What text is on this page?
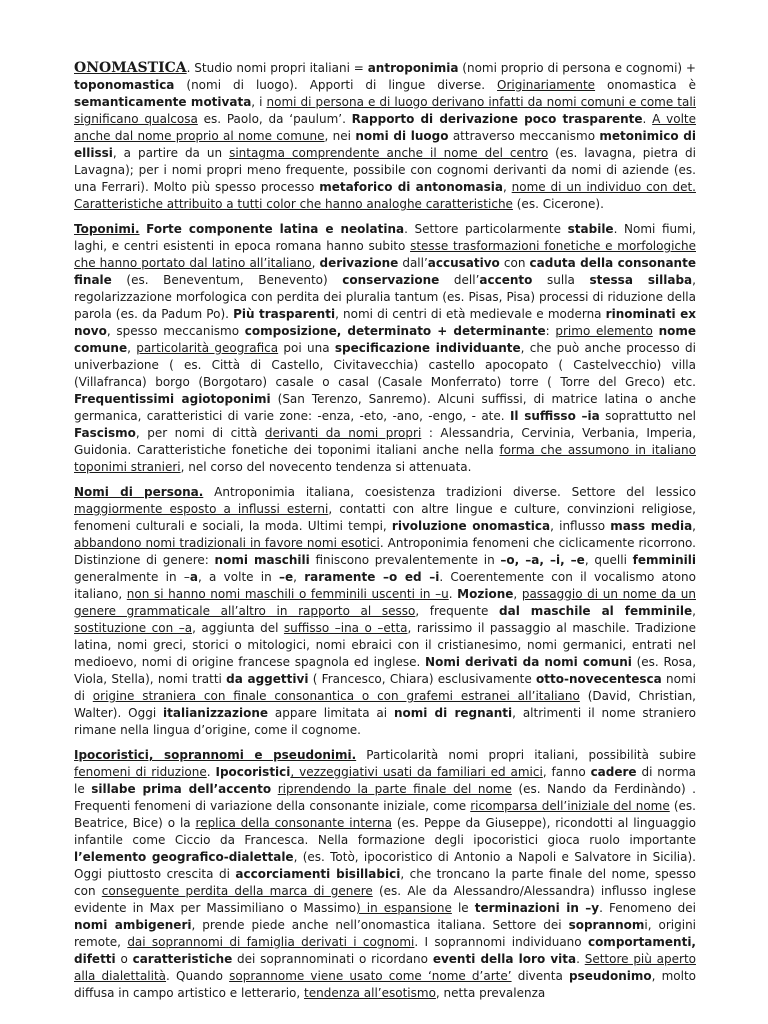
ONOMASTICA. Studio nomi propri italiani = antroponimia (nomi proprio di persona e cognomi) + toponomastica (nomi di luogo). Apporti di lingue diverse. Originariamente onomastica è semanticamente motivata, i nomi di persona e di luogo derivano infatti da nomi comuni e come tali significano qualcosa es. Paolo, da ‘paulum’. Rapporto di derivazione poco trasparente. A volte anche dal nome proprio al nome comune, nei nomi di luogo attraverso meccanismo metonimico di ellissi, a partire da un sintagma comprendente anche il nome del centro (es. lavagna, pietra di Lavagna); per i nomi propri meno frequente, possibile con cognomi derivanti da nomi di aziende (es. una Ferrari). Molto più spesso processo metaforico di antonomasia, nome di un individuo con det. Caratteristiche attribuito a tutti color che hanno analoghe caratteristiche (es. Cicerone).

Toponimi. Forte componente latina e neolatina. Settore particolarmente stabile. Nomi fiumi, laghi, e centri esistenti in epoca romana hanno subito stesse trasformazioni fonetiche e morfologiche che hanno portato dal latino all’italiano, derivazione dall’accusativo con caduta della consonante finale (es. Beneventum, Benevento) conservazione dell’accento sulla stessa sillaba, regolarizzazione morfologica con perdita dei pluralia tantum (es. Pisas, Pisa) processi di riduzione della parola (es. da Padum Po). Più trasparenti, nomi di centri di età medievale e moderna rinominati ex novo, spesso meccanismo composizione, determinato + determinante: primo elemento nome comune, particolarità geografica poi una specificazione individuante, che può anche processo di univerbazione ( es. Città di Castello, Civitavecchia) castello apocopato ( Castelvecchio) villa (Villafranca) borgo (Borgotaro) casale o casal (Casale Monferrato) torre ( Torre del Greco) etc. Frequentissimi agiotoponimi (San Terenzo, Sanremo). Alcuni suffissi, di matrice latina o anche germanica, caratteristici di varie zone: -enza, -eto, -ano, -engo, - ate. Il suffisso –ia soprattutto nel Fascismo, per nomi di città derivanti da nomi propri : Alessandria, Cervinia, Verbania, Imperia, Guidonia. Caratteristiche fonetiche dei toponimi italiani anche nella forma che assumono in italiano toponimi stranieri, nel corso del novecento tendenza si attenuata.

Nomi di persona. Antroponimia italiana, coesistenza tradizioni diverse. Settore del lessico maggiormente esposto a influssi esterni, contatti con altre lingue e culture, convinzioni religiose, fenomeni culturali e sociali, la moda. Ultimi tempi, rivoluzione onomastica, influsso mass media, abbandono nomi tradizionali in favore nomi esotici. Antroponimia fenomeni che ciclicamente ricorrono. Distinzione di genere: nomi maschili finiscono prevalentemente in –o, –a, –i, –e, quelli femminili generalmente in –a, a volte in –e, raramente –o ed –i. Coerentemente con il vocalismo atono italiano, non si hanno nomi maschili o femminili uscenti in –u. Mozione, passaggio di un nome da un genere grammaticale all’altro in rapporto al sesso, frequente dal maschile al femminile, sostituzione con –a, aggiunta del suffisso –ina o –etta, rarissimo il passaggio al maschile. Tradizione latina, nomi greci, storici o mitologici, nomi ebraici con il cristianesimo, nomi germanici, entrati nel medioevo, nomi di origine francese spagnola ed inglese. Nomi derivati da nomi comuni (es. Rosa, Viola, Stella), nomi tratti da aggettivi ( Francesco, Chiara) esclusivamente otto-novecentesca nomi di origine straniera con finale consonantica o con grafemi estranei all’italiano (David, Christian, Walter). Oggi italianizzazione appare limitata ai nomi di regnanti, altrimenti il nome straniero rimane nella lingua d’origine, come il cognome.

Ipocoristici, soprannomi e pseudonimi. Particolarità nomi propri italiani, possibilità subire fenomeni di riduzione. Ipocoristici, vezzeggiativi usati da familiari ed amici, fanno cadere di norma le sillabe prima dell’accento riprendendo la parte finale del nome (es. Nando da Ferdinàndo) . Frequenti fenomeni di variazione della consonante iniziale, come ricomparsa dell’iniziale del nome (es. Beatrice, Bice) o la replica della consonante interna (es. Peppe da Giuseppe), ricondotti al linguaggio infantile come Ciccio da Francesca. Nella formazione degli ipocoristici gioca ruolo importante l’elemento geografico-dialettale, (es. Totò, ipocoristico di Antonio a Napoli e Salvatore in Sicilia). Oggi piuttosto crescita di accorciamenti bisillabici, che troncano la parte finale del nome, spesso con conseguente perdita della marca di genere (es. Ale da Alessandro/Alessandra) influsso inglese evidente in Max per Massimiliano o Massimo) in espansione le terminazioni in –y. Fenomeno dei nomi ambigeneri, prende piede anche nell’onomastica italiana. Settore dei soprannomi, origini remote, dai soprannomi di famiglia derivati i cognomi. I soprannomi individuano comportamenti, difetti o caratteristiche dei soprannominati o ricordano eventi della loro vita. Settore più aperto alla dialettalità. Quando soprannome viene usato come ‘nome d’arte’ diventa pseudonimo, molto diffusa in campo artistico e letterario, tendenza all’esotismo, netta prevalenza
